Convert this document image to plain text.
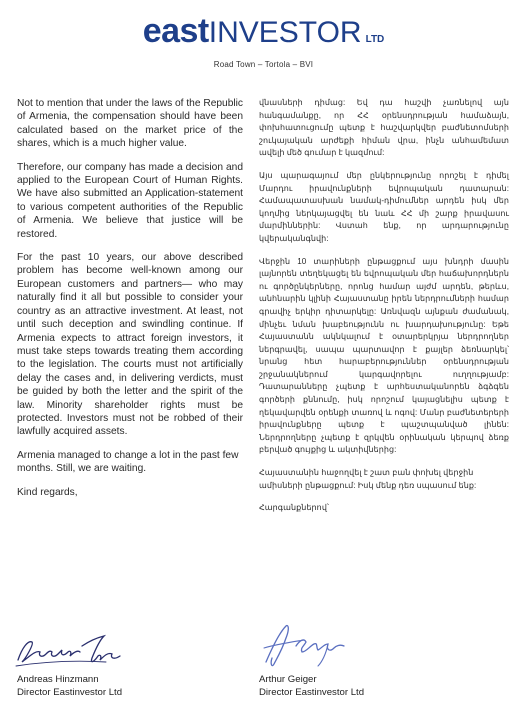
eastINVESTOR LTD
Road Town – Tortola – BVI

Not to mention that under the laws of the Republic of Armenia, the compensation should have been calculated based on the market price of the shares, which is a much higher value.

Therefore, our company has made a decision and applied to the European Court of Human Rights. We have also submitted an Application-statement to various competent authorities of the Republic of Armenia. We believe that justice will be restored.

For the past 10 years, our above described problem has become well-known among our European customers and partners— who may naturally find it all but possible to consider your country as an attractive investment. At least, not until such deception and swindling continue. If Armenia expects to attract foreign investors, it must take steps towards treating them according to the legislation. The courts must not artificially delay the cases and, in delivering verdicts, must be guided by both the letter and the spirit of the law. Minority shareholder rights must be protected. Investors must not be robbed of their lawfully acquired assets.

Armenia managed to change a lot in the past few months. Still, we are waiting.

Kind regards,

վնասների դիմաց: Եվ դա հաշվի չառնելով այն հանգամանքը, որ ՀՀ օրենսդրության համաձայն, փոխհատուցումը պետք է հաշվարկվեր բաժնետոմսերի շուկայական արժեքի հիման վրա, ինչն անհամեմատ ավելի մեծ գումար է կազմում:

Այս պարագայում մեր ընկերությունը որոշել է դիմել Մարդու իրավունքների եվրոպական դատարան: Համապատասխան նամակ-դիմումներ արդեն իսկ մեր կողմից ներկայացվել են նաև ՀՀ մի շարք իրավասու մարմիններին: Վստահ ենք, որ արդարությունը կվերականգնվի:

Վերջին 10 տարիների ընթացքում այս խնդրի մասին լայնորեն տեղեկացել են եվրոպական մեր հաճախորդներն ու գործընկերները, որոնց համար այժմ արդեն, թերևս, անհնարին կլինի Հայաստանը իրեն ներդրումների համար գրավիչ երկիր դիտարկելը: Առնվազն այնքան ժամանակ, մինչեւ նման խաբեությունն ու խարդախությունը: Եթե Հայաստանն ակնկալում է օտարերկրյա ներդրողներ ներգրավել, սապա պարտավոր է քայլեր ձեռնարկել՝ նրանց հետ հարաբերություններ օրենսդրության շրջանակներում կարգավորելու ուղղությամբ: Դատարանները չպետք է արհեստականորեն ձգձգեն գործերի քննումը, իսկ որոշում կայացնելիս պետք է ղեկավարվեն օրենքի տառով և ոգով: Մանր բաժնետերերի իրավունքները պետք է պաշտպանված լինեն: Ներդրողները չպետք է զրկվեն օրինական կերպով ձեռք բերված գույքից և ակտիվներից:

Հայաստանին հաջողվել է շատ բան փոխել վերջին ամիսների ընթացքում: Իսկ մենք դեռ սպասում ենք:

Հարգանքներով՝

Andreas Hinzmann
Director Eastinvestor Ltd
Arthur Geiger
Director Eastinvestor Ltd
